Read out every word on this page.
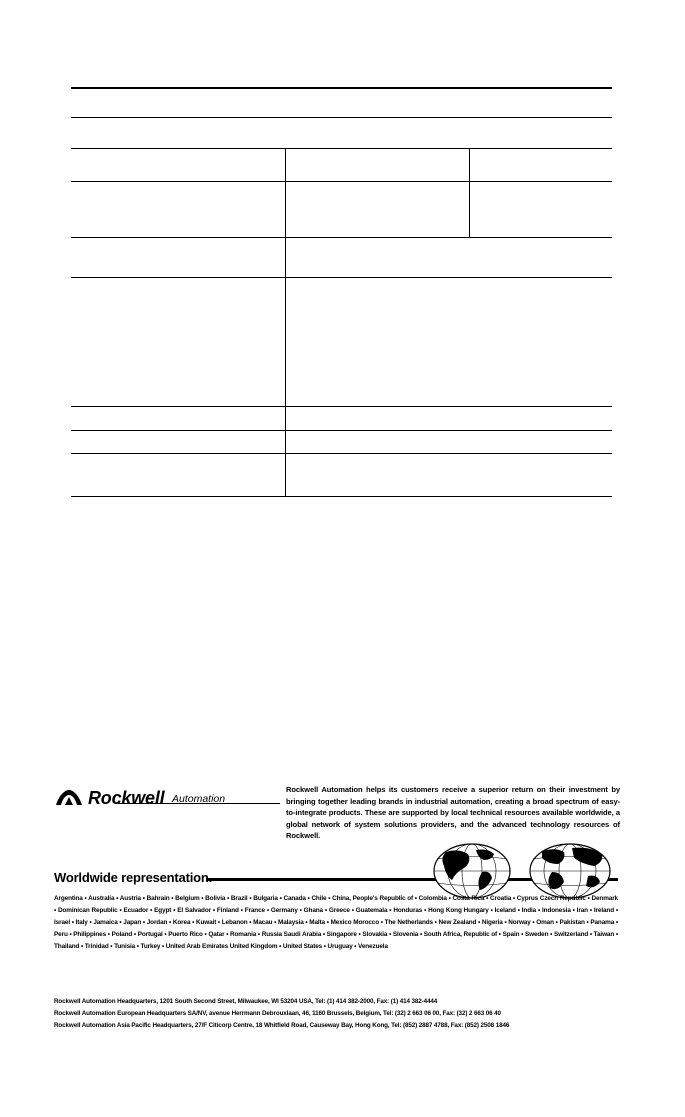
Rockwell Automation
Rockwell Automation helps its customers receive a superior return on their investment by bringing together leading brands in industrial automation, creating a broad spectrum of easy-to-integrate products. These are supported by local technical resources available worldwide, a global network of system solutions providers, and the advanced technology resources of Rockwell.
Worldwide representation.
Argentina • Australia • Austria • Bahrain • Belgium • Bolivia • Brazil • Bulgaria • Canada • Chile • China, People's Republic of • Colombia • Costa Rica • Croatia • Cyprus Czech Republic • Denmark • Dominican Republic • Ecuador • Egypt • El Salvador • Finland • France • Germany • Ghana • Greece • Guatemala • Honduras • Hong Kong Hungary • Iceland • India • Indonesia • Iran • Ireland • Israel • Italy • Jamaica • Japan • Jordan • Korea • Kuwait • Lebanon • Macau • Malaysia • Malta • Mexico Morocco • The Netherlands • New Zealand • Nigeria • Norway • Oman • Pakistan • Panama • Peru • Philippines • Poland • Portugal • Puerto Rico • Qatar • Romania • Russia Saudi Arabia • Singapore • Slovakia • Slovenia • South Africa, Republic of • Spain • Sweden • Switzerland • Taiwan • Thailand • Trinidad • Tunisia • Turkey • United Arab Emirates United Kingdom • United States • Uruguay • Venezuela
Rockwell Automation Headquarters, 1201 South Second Street, Milwaukee, WI 53204 USA, Tel: (1) 414 382-2000, Fax: (1) 414 382-4444
Rockwell Automation European Headquarters SA/NV, avenue Herrmann Debrouxlaan, 46, 1160 Brussels, Belgium, Tel: (32) 2 663 06 00, Fax: (32) 2 663 06 40
Rockwell Automation Asia Pacific Headquarters, 27/F Citicorp Centre, 18 Whitfield Road, Causeway Bay, Hong Kong, Tel: (852) 2887 4788, Fax: (852) 2508 1846
